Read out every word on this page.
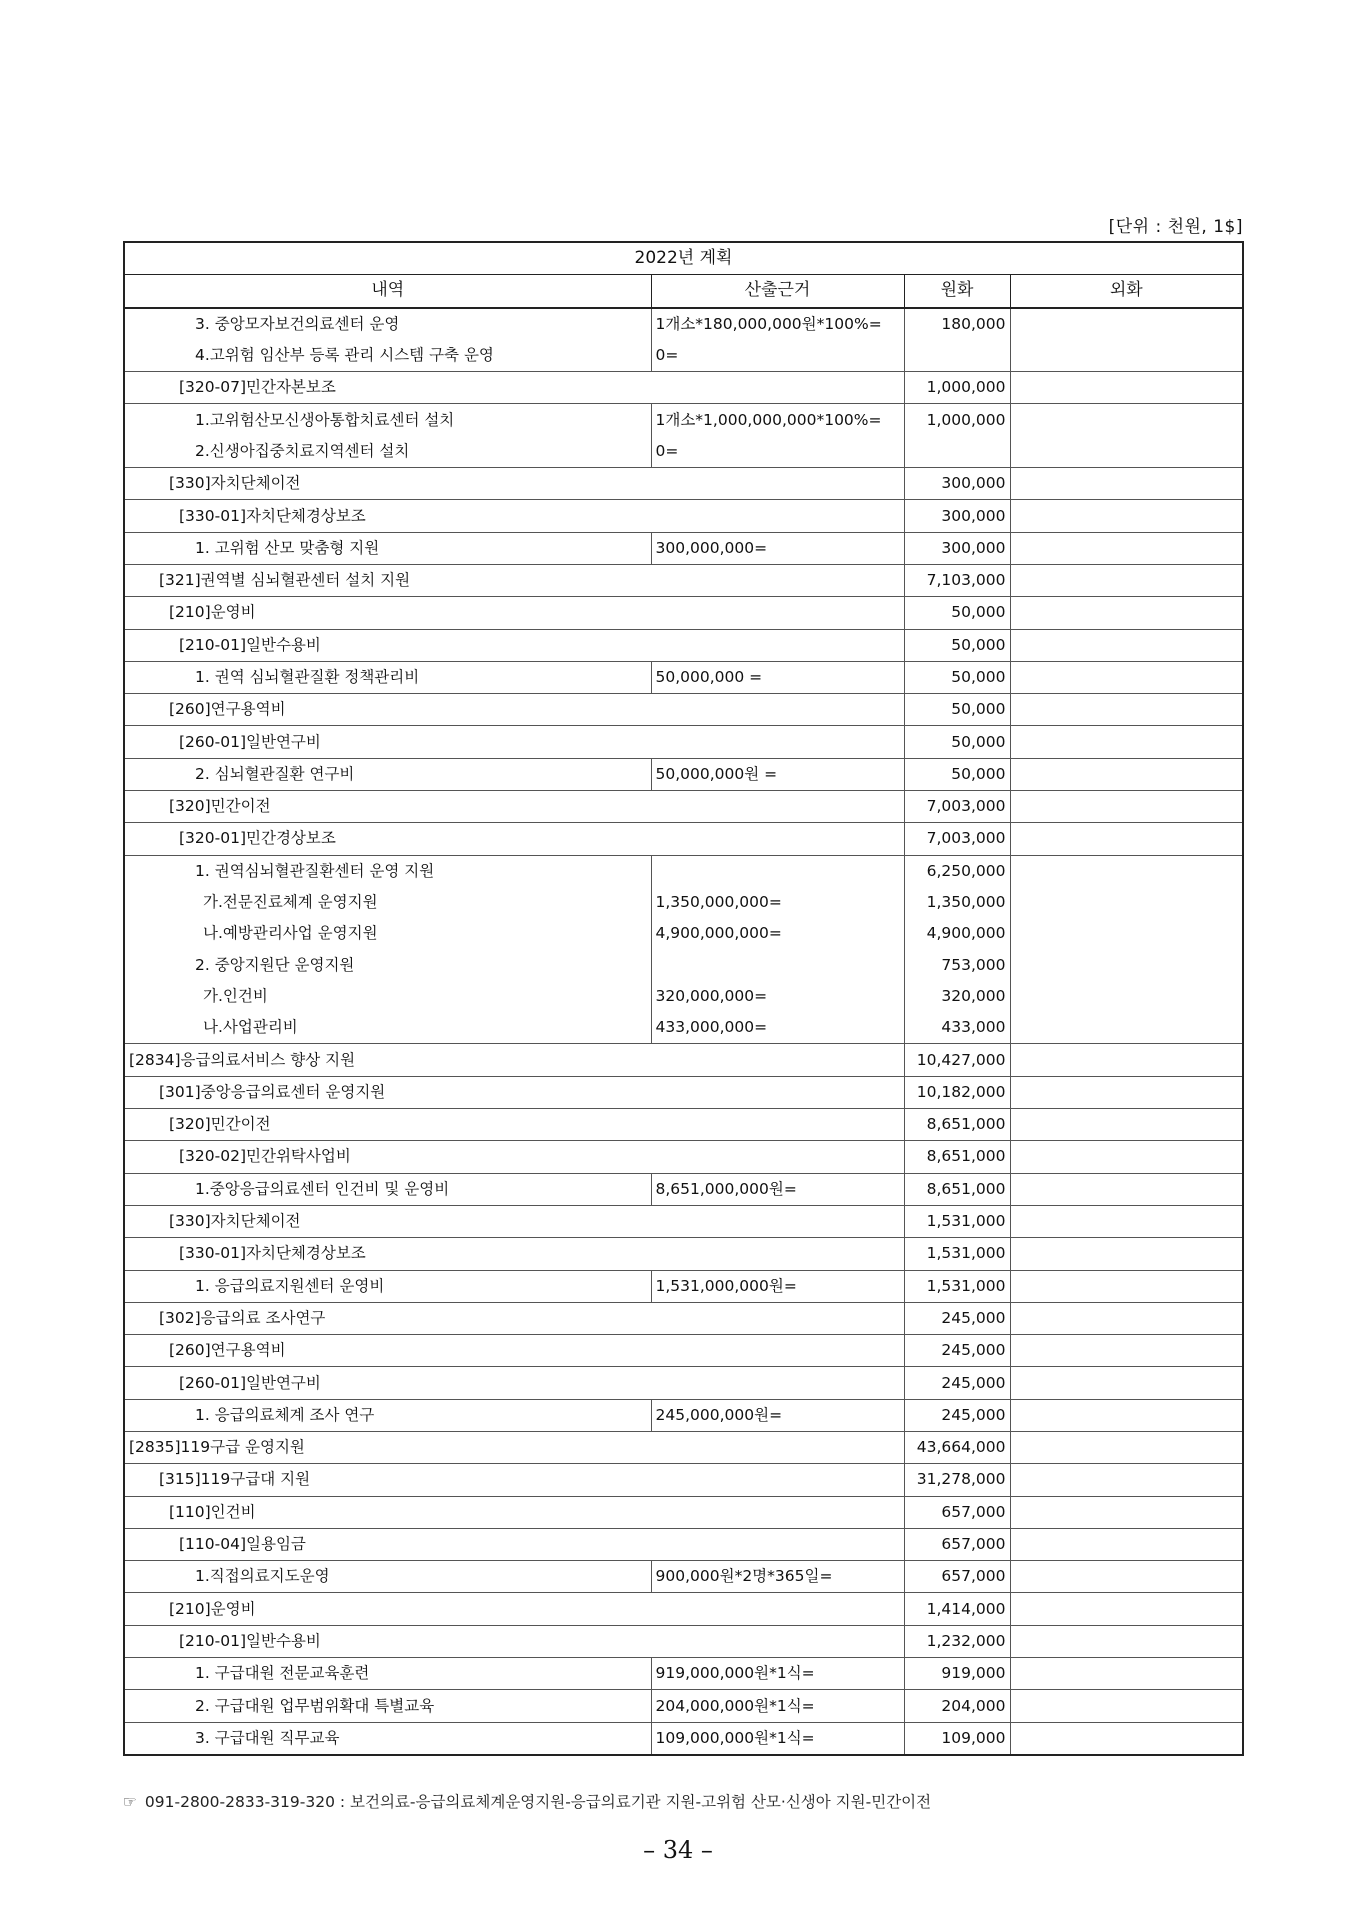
[단위 : 천원, 1$]
2022년 계획			
내역	산출근거	원화	외화
3. 중앙모자보건의료센터 운영	1개소*180,000,000원*100%=	180,000	
4.고위험 임산부 등록 관리 시스템 구축 운영	0=		
[320-07]민간자본보조		1,000,000	
1.고위험산모신생아통합치료센터 설치	1개소*1,000,000,000*100%=	1,000,000	
2.신생아집중치료지역센터 설치	0=		
[330]자치단체이전		300,000	
[330-01]자치단체경상보조		300,000	
1. 고위험 산모 맞춤형 지원	300,000,000=	300,000	
[321]권역별 심뇌혈관센터 설치 지원		7,103,000	
[210]운영비		50,000	
[210-01]일반수용비		50,000	
1. 권역 심뇌혈관질환 정책관리비	50,000,000 =	50,000	
[260]연구용역비		50,000	
[260-01]일반연구비		50,000	
2. 심뇌혈관질환 연구비	50,000,000원 =	50,000	
[320]민간이전		7,003,000	
[320-01]민간경상보조		7,003,000	
1. 권역심뇌혈관질환센터 운영 지원		6,250,000	
가.전문진료체계 운영지원	1,350,000,000=	1,350,000	
나.예방관리사업 운영지원	4,900,000,000=	4,900,000	
2. 중앙지원단 운영지원		753,000	
가.인건비	320,000,000=	320,000	
나.사업관리비	433,000,000=	433,000	
[2834]응급의료서비스 향상 지원		10,427,000	
[301]중앙응급의료센터 운영지원		10,182,000	
[320]민간이전		8,651,000	
[320-02]민간위탁사업비		8,651,000	
1.중앙응급의료센터 인건비 및 운영비	8,651,000,000원=	8,651,000	
[330]자치단체이전		1,531,000	
[330-01]자치단체경상보조		1,531,000	
1. 응급의료지원센터 운영비	1,531,000,000원=	1,531,000	
[302]응급의료 조사연구		245,000	
[260]연구용역비		245,000	
[260-01]일반연구비		245,000	
1. 응급의료체계 조사 연구	245,000,000원=	245,000	
[2835]119구급 운영지원		43,664,000	
[315]119구급대 지원		31,278,000	
[110]인건비		657,000	
[110-04]일용임금		657,000	
1.직접의료지도운영	900,000원*2명*365일=	657,000	
[210]운영비		1,414,000	
[210-01]일반수용비		1,232,000	
1. 구급대원 전문교육훈련	919,000,000원*1식=	919,000	
2. 구급대원 업무범위확대 특별교육	204,000,000원*1식=	204,000	
3. 구급대원 직무교육	109,000,000원*1식=	109,000	
☞ 091-2800-2833-319-320 : 보건의료-응급의료체계운영지원-응급의료기관 지원-고위험 산모·신생아 지원-민간이전
– 34 –
